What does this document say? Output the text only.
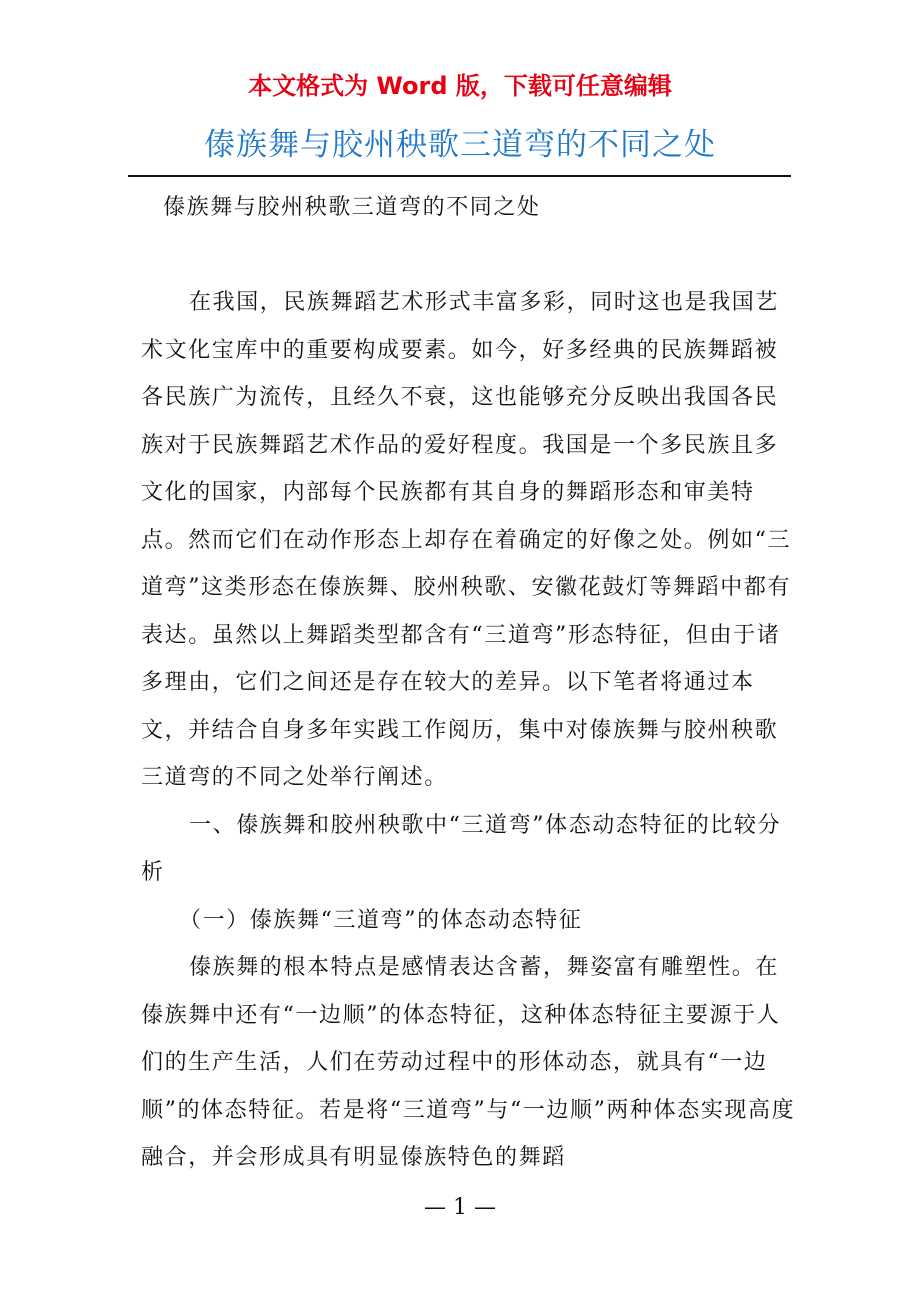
本文格式为 Word 版，下载可任意编辑
傣族舞与胶州秧歌三道弯的不同之处

傣族舞与胶州秧歌三道弯的不同之处

在我国，民族舞蹈艺术形式丰富多彩，同时这也是我国艺术文化宝库中的重要构成要素。如今，好多经典的民族舞蹈被各民族广为流传，且经久不衰，这也能够充分反映出我国各民族对于民族舞蹈艺术作品的爱好程度。我国是一个多民族且多文化的国家，内部每个民族都有其自身的舞蹈形态和审美特点。然而它们在动作形态上却存在着确定的好像之处。例如“三道弯”这类形态在傣族舞、胶州秧歌、安徽花鼓灯等舞蹈中都有表达。虽然以上舞蹈类型都含有“三道弯”形态特征，但由于诸多理由，它们之间还是存在较大的差异。以下笔者将通过本文，并结合自身多年实践工作阅历，集中对傣族舞与胶州秧歌三道弯的不同之处举行阐述。

一、傣族舞和胶州秧歌中“三道弯”体态动态特征的比较分析

（一）傣族舞“三道弯”的体态动态特征

傣族舞的根本特点是感情表达含蓄，舞姿富有雕塑性。在傣族舞中还有“一边顺”的体态特征，这种体态特征主要源于人们的生产生活，人们在劳动过程中的形体动态，就具有“一边顺”的体态特征。若是将“三道弯”与“一边顺”两种体态实现高度融合，并会形成具有明显傣族特色的舞蹈

— 1 —
